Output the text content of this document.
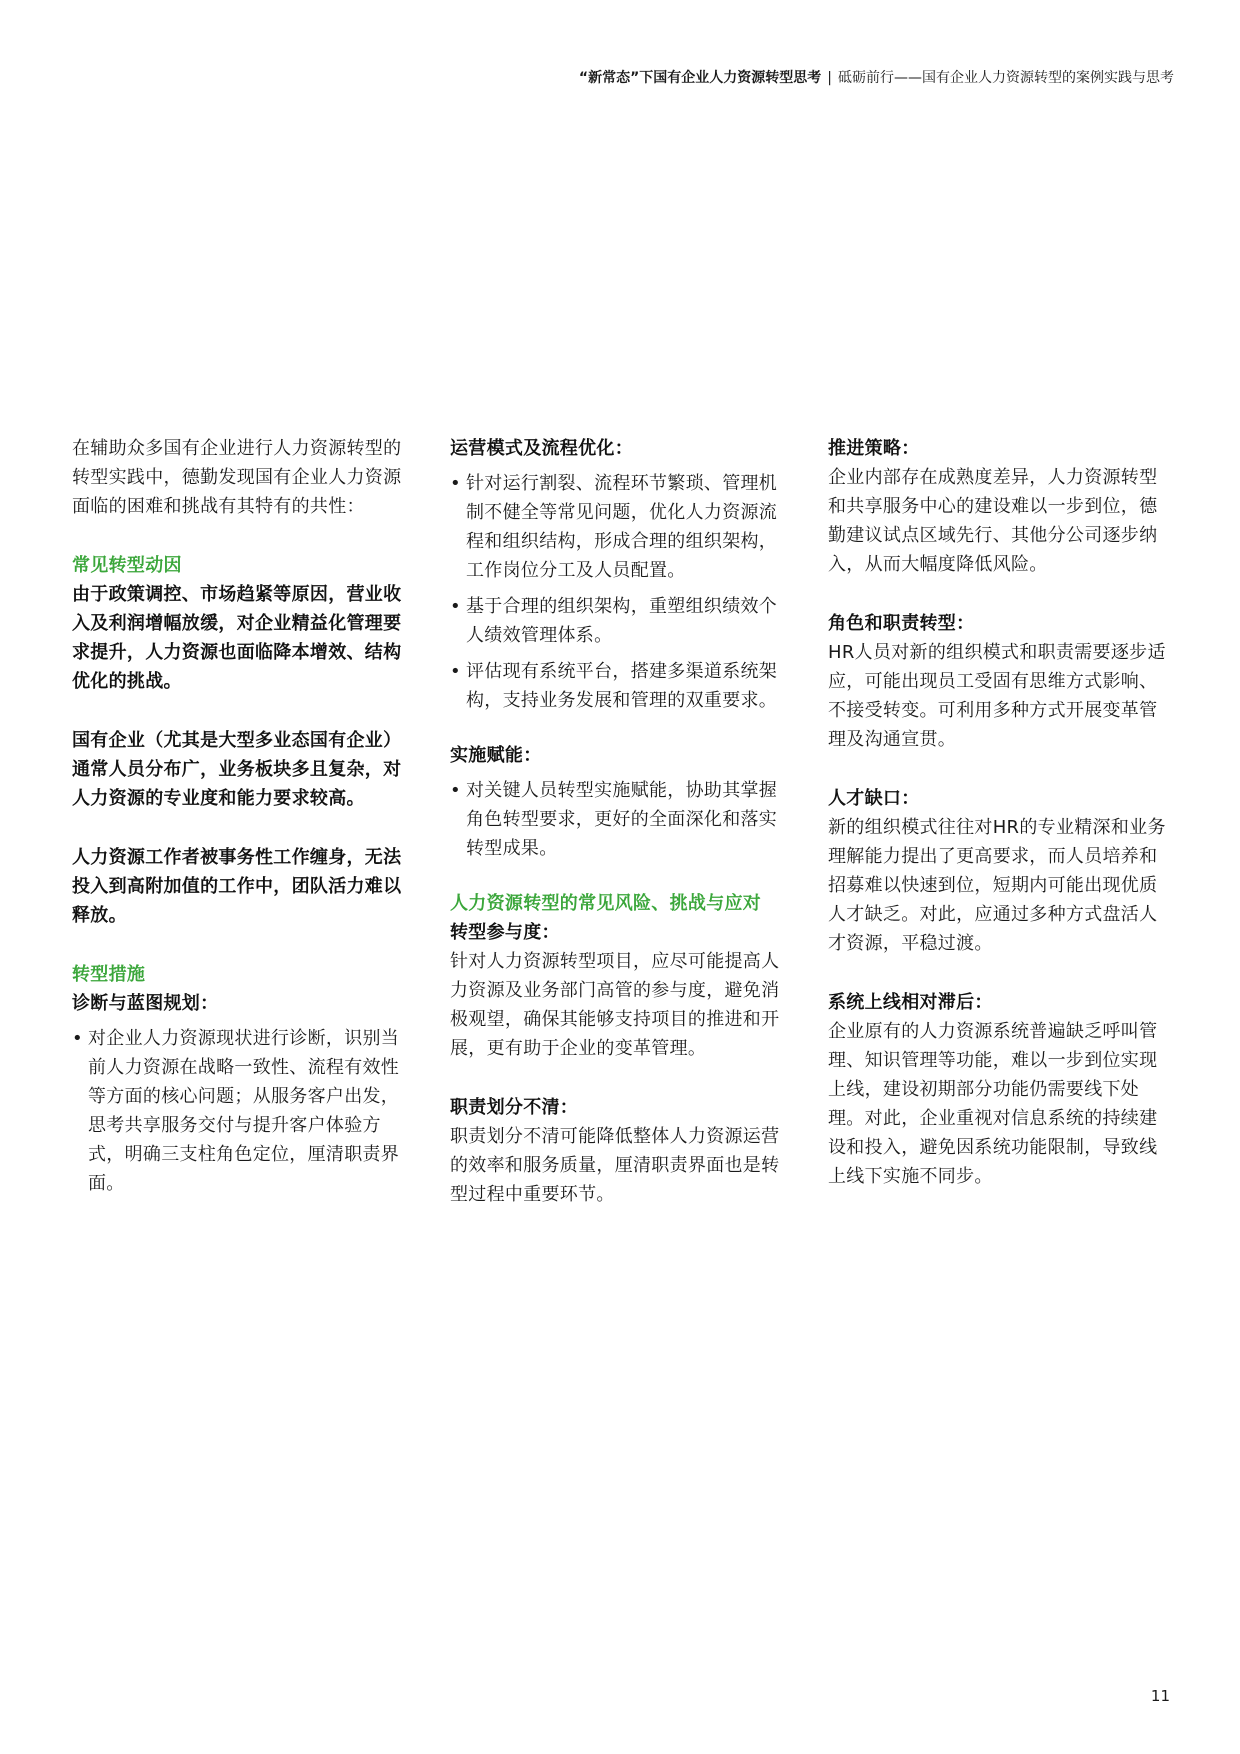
“新常态”下国有企业人力资源转型思考 | 砥砺前行——国有企业人力资源转型的案例实践与思考

在辅助众多国有企业进行人力资源转型的转型实践中，德勤发现国有企业人力资源面临的困难和挑战有其特有的共性：

常见转型动因

由于政策调控、市场趋紧等原因，营业收入及利润增幅放缓，对企业精益化管理要求提升，人力资源也面临降本增效、结构优化的挑战。

国有企业（尤其是大型多业态国有企业）通常人员分布广，业务板块多且复杂，对人力资源的专业度和能力要求较高。

人力资源工作者被事务性工作缠身，无法投入到高附加值的工作中，团队活力难以释放。

转型措施

诊断与蓝图规划：

• 对企业人力资源现状进行诊断，识别当前人力资源在战略一致性、流程有效性等方面的核心问题；从服务客户出发，思考共享服务交付与提升客户体验方式，明确三支柱角色定位，厘清职责界面。

运营模式及流程优化：

• 针对运行割裂、流程环节繁琐、管理机制不健全等常见问题，优化人力资源流程和组织结构，形成合理的组织架构，工作岗位分工及人员配置。
• 基于合理的组织架构，重塑组织绩效个人绩效管理体系。
• 评估现有系统平台，搭建多渠道系统架构，支持业务发展和管理的双重要求。

实施赋能：

• 对关键人员转型实施赋能，协助其掌握角色转型要求，更好的全面深化和落实转型成果。

人力资源转型的常见风险、挑战与应对

转型参与度：

针对人力资源转型项目，应尽可能提高人力资源及业务部门高管的参与度，避免消极观望，确保其能够支持项目的推进和开展，更有助于企业的变革管理。

职责划分不清：

职责划分不清可能降低整体人力资源运营的效率和服务质量，厘清职责界面也是转型过程中重要环节。

推进策略：

企业内部存在成熟度差异，人力资源转型和共享服务中心的建设难以一步到位，德勤建议试点区域先行、其他分公司逐步纳入，从而大幅度降低风险。

角色和职责转型：

HR人员对新的组织模式和职责需要逐步适应，可能出现员工受固有思维方式影响、不接受转变。可利用多种方式开展变革管理及沟通宣贯。

人才缺口：

新的组织模式往往对HR的专业精深和业务理解能力提出了更高要求，而人员培养和招募难以快速到位，短期内可能出现优质人才缺乏。对此，应通过多种方式盘活人才资源，平稳过渡。

系统上线相对滞后：

企业原有的人力资源系统普遍缺乏呼叫管理、知识管理等功能，难以一步到位实现上线，建设初期部分功能仍需要线下处理。对此，企业重视对信息系统的持续建设和投入，避免因系统功能限制，导致线上线下实施不同步。

11
